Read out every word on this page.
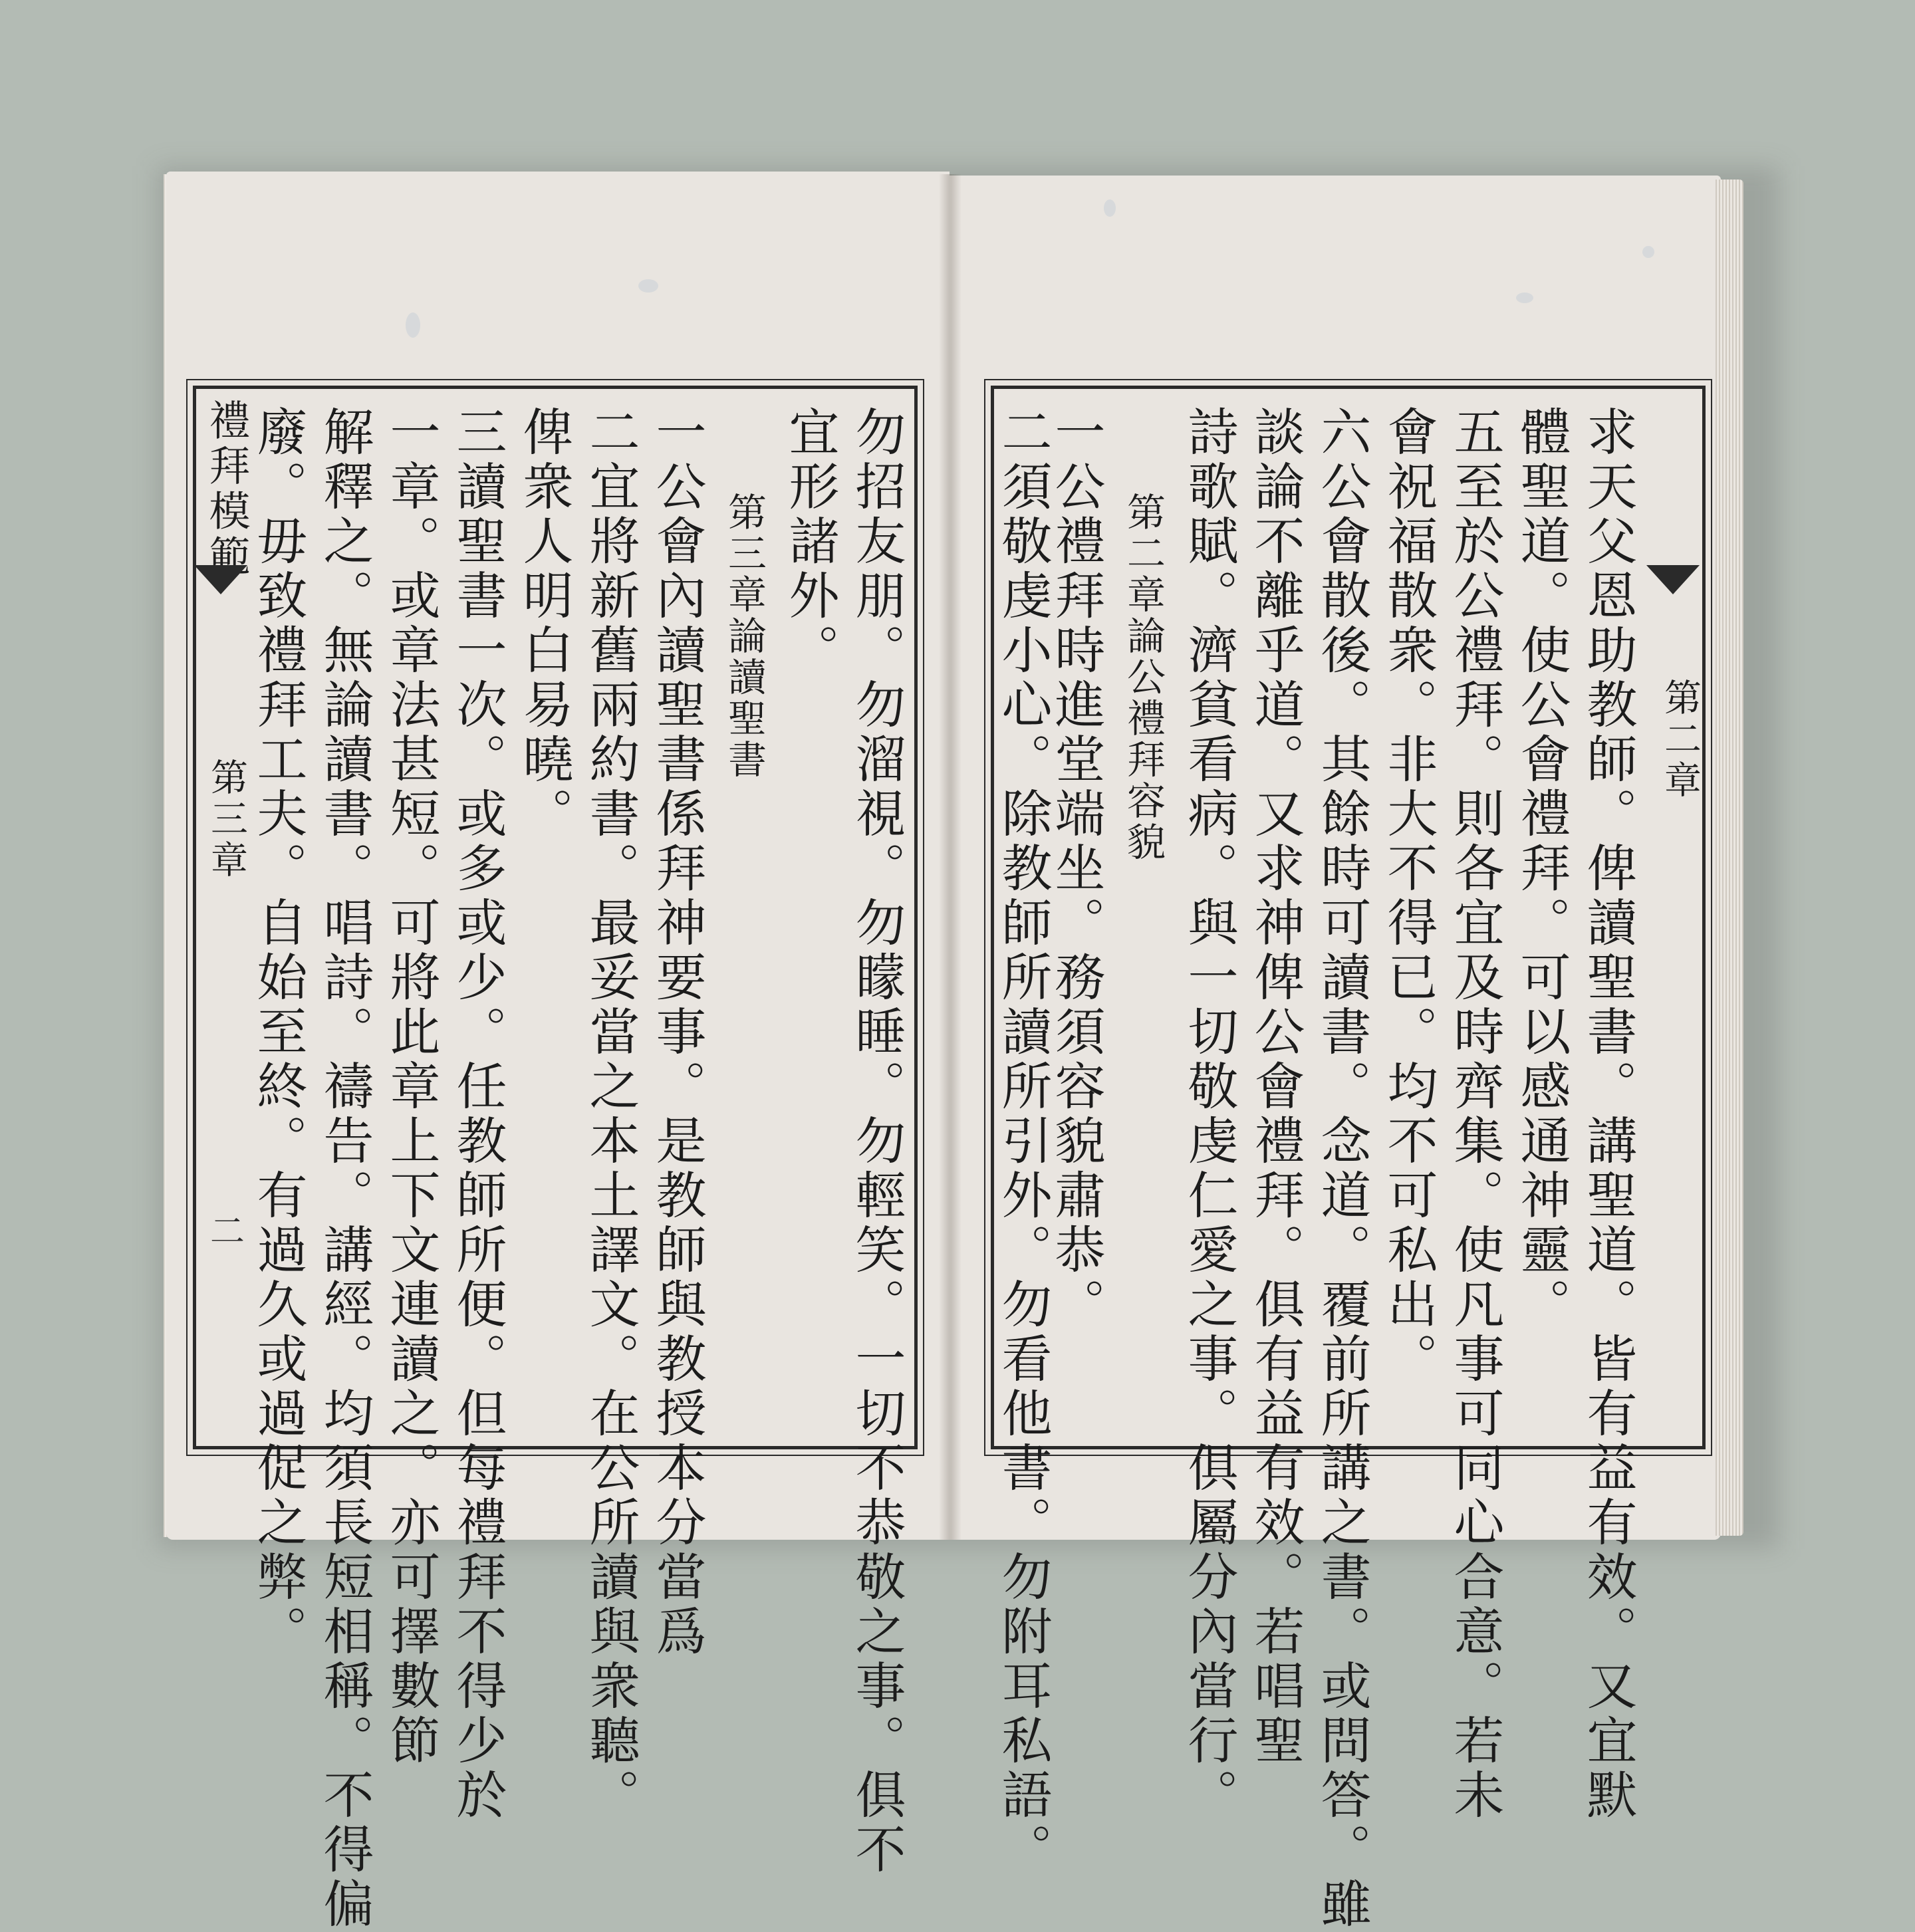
禮拜模範
第三章
二	勿招友朋。勿溜視。勿矇睡。勿輕笑。一切不恭敬之事。俱不
宜形諸外。
第三章論讀聖書
一公會內讀聖書係拜神要事。是教師與教授本分當爲
二宜將新舊兩約書。最妥當之本土譯文。在公所讀與衆聽。
俾衆人明白易曉。
三讀聖書一次。或多或少。任教師所便。但每禮拜不得少於
一章。或章法甚短。可將此章上下文連讀之。亦可擇數節
解釋之。無論讀書。唱詩。禱告。講經。均須長短相稱。不得偏
廢。毋致禮拜工夫。自始至終。有過久或過促之弊。	第二章
求天父恩助教師。俾讀聖書。講聖道。皆有益有效。又宜默
體聖道。使公會禮拜。可以感通神靈。
五至於公禮拜。則各宜及時齊集。使凡事可同心合意。若未
會祝福散衆。非大不得已。均不可私出。
六公會散後。其餘時可讀書。念道。覆前所講之書。或問答。雖
談論不離乎道。又求神俾公會禮拜。俱有益有效。若唱聖
詩歌賦。濟貧看病。與一切敬虔仁愛之事。俱屬分內當行。
第二章論公禮拜容貌
一公禮拜時進堂端坐。務須容貌肅恭。
二須敬虔小心。除教師所讀所引外。勿看他書。勿附耳私語。
